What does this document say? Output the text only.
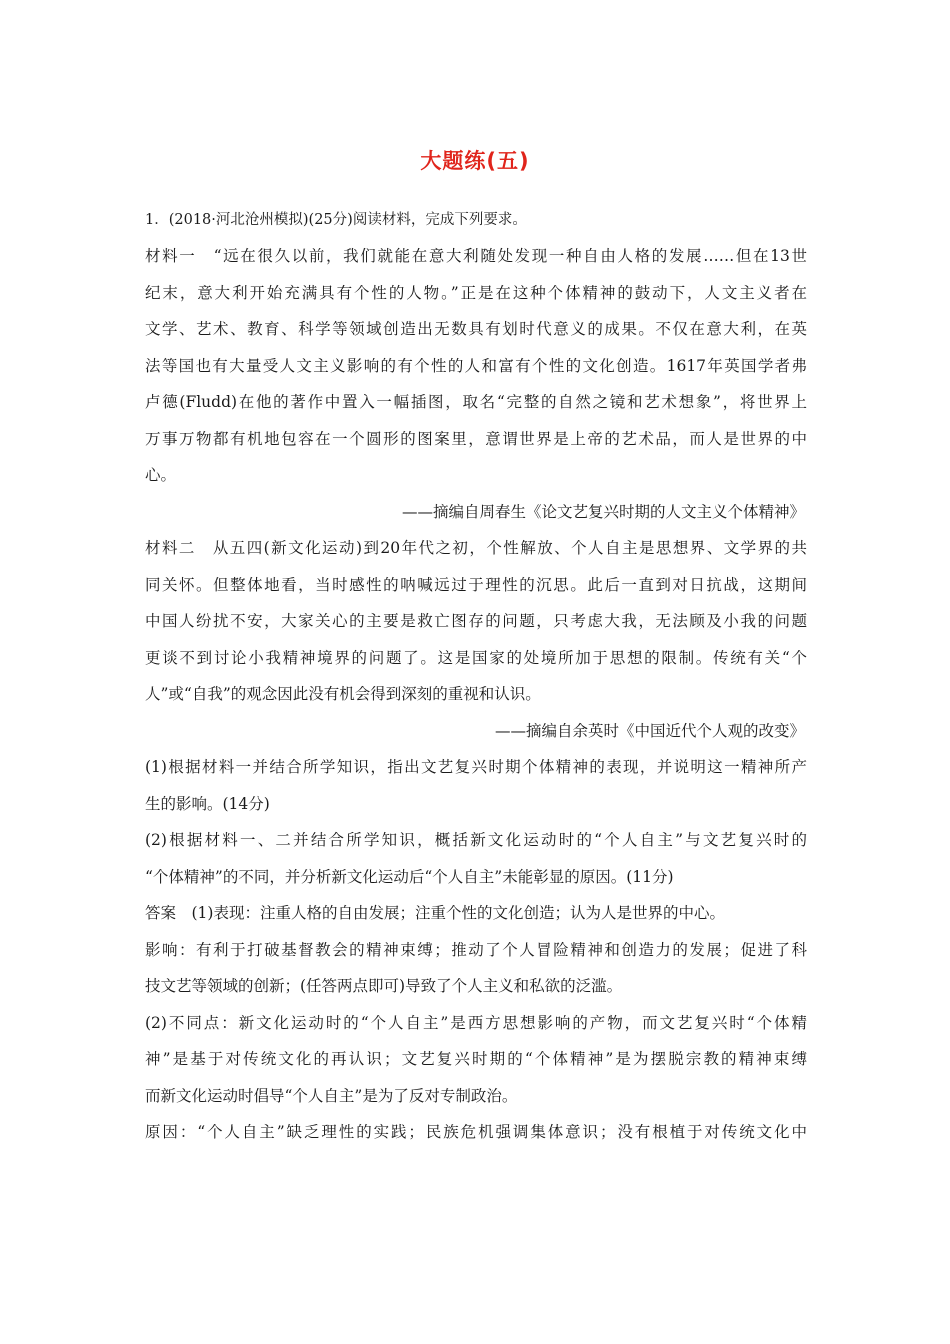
大题练(五)
1．(2018·河北沧州模拟)(25分)阅读材料，完成下列要求。
材料一　“远在很久以前，我们就能在意大利随处发现一种自由人格的发展……但在13世
纪末，意大利开始充满具有个性的人物。”正是在这种个体精神的鼓动下，人文主义者在
文学、艺术、教育、科学等领域创造出无数具有划时代意义的成果。不仅在意大利，在英
法等国也有大量受人文主义影响的有个性的人和富有个性的文化创造。1617年英国学者弗
卢德(Fludd)在他的著作中置入一幅插图，取名“完整的自然之镜和艺术想象”，将世界上
万事万物都有机地包容在一个圆形的图案里，意谓世界是上帝的艺术品，而人是世界的中
心。
——摘编自周春生《论文艺复兴时期的人文主义个体精神》
材料二　从五四(新文化运动)到20年代之初，个性解放、个人自主是思想界、文学界的共
同关怀。但整体地看，当时感性的呐喊远过于理性的沉思。此后一直到对日抗战，这期间
中国人纷扰不安，大家关心的主要是救亡图存的问题，只考虑大我，无法顾及小我的问题
更谈不到讨论小我精神境界的问题了。这是国家的处境所加于思想的限制。传统有关“个
人”或“自我”的观念因此没有机会得到深刻的重视和认识。
——摘编自余英时《中国近代个人观的改变》
(1)根据材料一并结合所学知识，指出文艺复兴时期个体精神的表现，并说明这一精神所产
生的影响。(14分)
(2)根据材料一、二并结合所学知识，概括新文化运动时的“个人自主”与文艺复兴时的
“个体精神”的不同，并分析新文化运动后“个人自主”未能彰显的原因。(11分)
答案　(1)表现：注重人格的自由发展；注重个性的文化创造；认为人是世界的中心。
影响：有利于打破基督教会的精神束缚；推动了个人冒险精神和创造力的发展；促进了科
技文艺等领域的创新；(任答两点即可)导致了个人主义和私欲的泛滥。
(2)不同点：新文化运动时的“个人自主”是西方思想影响的产物，而文艺复兴时“个体精
神”是基于对传统文化的再认识；文艺复兴时期的“个体精神”是为摆脱宗教的精神束缚
而新文化运动时倡导“个人自主”是为了反对专制政治。
原因：“个人自主”缺乏理性的实践；民族危机强调集体意识；没有根植于对传统文化中
